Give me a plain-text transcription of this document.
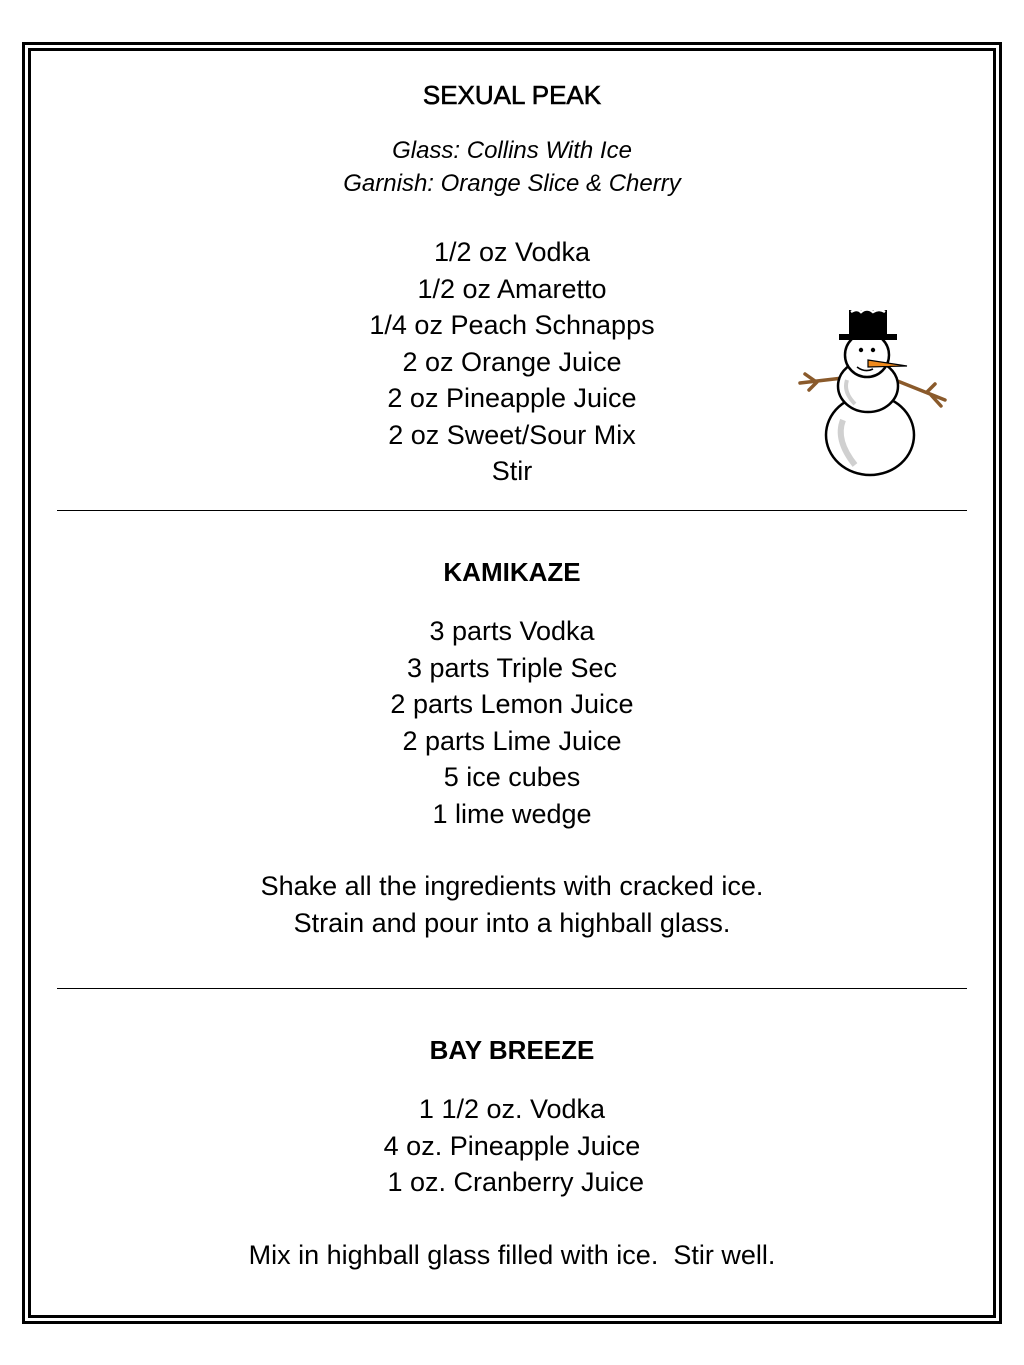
SEXUAL PEAK
Glass: Collins With Ice
Garnish: Orange Slice & Cherry
1/2 oz Vodka
1/2 oz Amaretto
1/4 oz Peach Schnapps
2 oz Orange Juice
2 oz Pineapple Juice
2 oz Sweet/Sour Mix
Stir
KAMIKAZE
3 parts Vodka
3 parts Triple Sec
2 parts Lemon Juice
2 parts Lime Juice
5 ice cubes
1 lime wedge
Shake all the ingredients with cracked ice.
Strain and pour into a highball glass.
BAY BREEZE
1 1/2 oz. Vodka
4 oz. Pineapple Juice
1 oz. Cranberry Juice
Mix in highball glass filled with ice.  Stir well.
